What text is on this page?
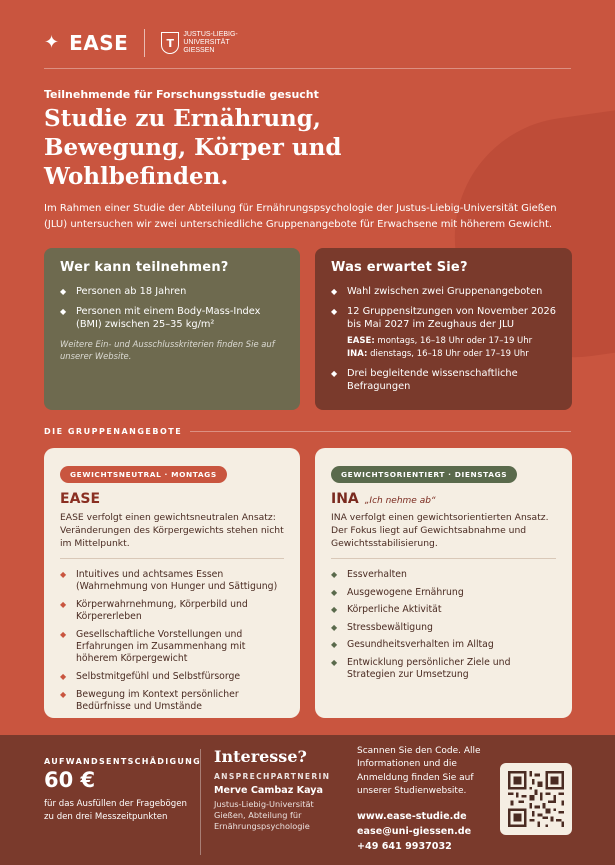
✦ EASE	T
JUSTUS-LIEBIG-
UNIVERSITÄT
GIESSEN
Teilnehmende für Forschungsstudie gesucht
Studie zu Ernährung,
Bewegung, Körper und
Wohlbefinden.

Im Rahmen einer Studie der Abteilung für Ernährungspsychologie der Justus-Liebig-Universität Gießen (JLU) untersuchen wir zwei unterschiedliche Gruppenangebote für Erwachsene mit höherem Gewicht.

Wer kann teilnehmen?
◆ Personen ab 18 Jahren
◆ Personen mit einem Body-Mass-Index (BMI) zwischen 25–35 kg/m²

Weitere Ein- und Ausschlusskriterien finden Sie auf unserer Website.

Was erwartet Sie?
◆ Wahl zwischen zwei Gruppenangeboten
◆ 12 Gruppensitzungen von November 2026 bis Mai 2027 im Zeughaus der JLU
EASE: montags, 16–18 Uhr oder 17–19 Uhr
INA: dienstags, 16–18 Uhr oder 17–19 Uhr
◆ Drei begleitende wissenschaftliche Befragungen
DIE GRUPPENANGEBOTE
GEWICHTSNEUTRAL · MONTAGS
EASE

EASE verfolgt einen gewichtsneutralen Ansatz: Veränderungen des Körpergewichts stehen nicht im Mittelpunkt.

◆ Intuitives und achtsames Essen (Wahrnehmung von Hunger und Sättigung)
◆ Körperwahrnehmung, Körperbild und Körpererleben
◆ Gesellschaftliche Vorstellungen und Erfahrungen im Zusammenhang mit höherem Körpergewicht
◆ Selbstmitgefühl und Selbstfürsorge
◆ Bewegung im Kontext persönlicher Bedürfnisse und Umstände
GEWICHTSORIENTIERT · DIENSTAGS
INA „Ich nehme ab“

INA verfolgt einen gewichtsorientierten Ansatz. Der Fokus liegt auf Gewichtsabnahme und Gewichtsstabilisierung.

◆ Essverhalten
◆ Ausgewogene Ernährung
◆ Körperliche Aktivität
◆ Stressbewältigung
◆ Gesundheitsverhalten im Alltag
◆ Entwicklung persönlicher Ziele und Strategien zur Umsetzung
AUFWANDSENTSCHÄDIGUNG
60 €
für das Ausfüllen der Fragebögen zu den drei Messzeitpunkten
Interesse?
ANSPRECHPARTNERIN
Merve Cambaz Kaya
Justus-Liebig-Universität Gießen, Abteilung für Ernährungspsychologie
Scannen Sie den Code. Alle Informationen und die Anmeldung finden Sie auf unserer Studienwebsite.
www.ease-studie.de
ease@uni-giessen.de
+49 641 9937032
